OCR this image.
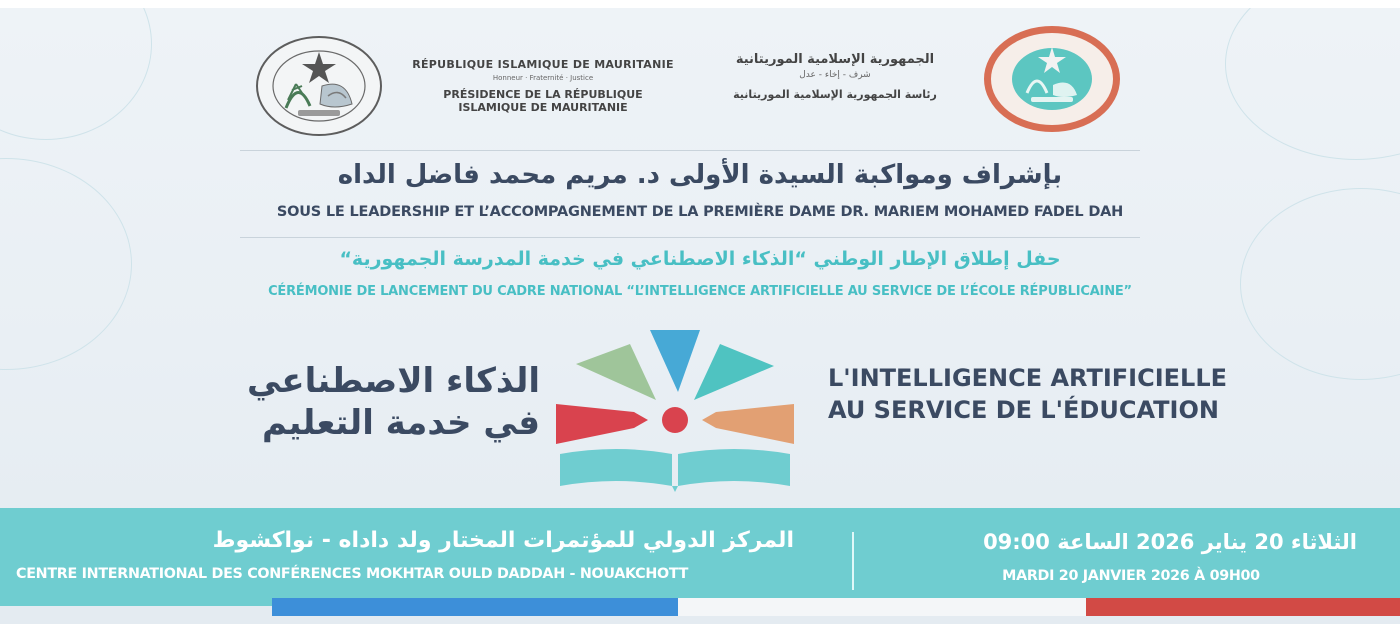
RÉPUBLIQUE ISLAMIQUE DE MAURITANIE
Honneur · Fraternité · Justice
PRÉSIDENCE DE LA RÉPUBLIQUE
ISLAMIQUE DE MAURITANIE
الجمهورية الإسلامية الموريتانية
شرف - إخاء - عدل
رئاسة الجمهورية الإسلامية الموريتانية
بإشراف ومواكبة السيدة الأولى د. مريم محمد فاضل الداه
SOUS LE LEADERSHIP ET L’ACCOMPAGNEMENT DE LA PREMIÈRE DAME DR. MARIEM MOHAMED FADEL DAH
حفل إطلاق الإطار الوطني “الذكاء الاصطناعي في خدمة المدرسة الجمهورية“
CÉRÉMONIE DE LANCEMENT DU CADRE NATIONAL “L’INTELLIGENCE ARTIFICIELLE AU SERVICE DE L’ÉCOLE RÉPUBLICAINE”
الذكاء الاصطناعي
في خدمة التعليم
L'INTELLIGENCE ARTIFICIELLE
AU SERVICE DE L'ÉDUCATION
المركز الدولي للمؤتمرات المختار ولد داداه - نواكشوط
CENTRE INTERNATIONAL DES CONFÉRENCES MOKHTAR OULD DADDAH - NOUAKCHOTT
الثلاثاء 20 يناير 2026 الساعة 09:00
MARDI 20 JANVIER 2026 À 09H00
